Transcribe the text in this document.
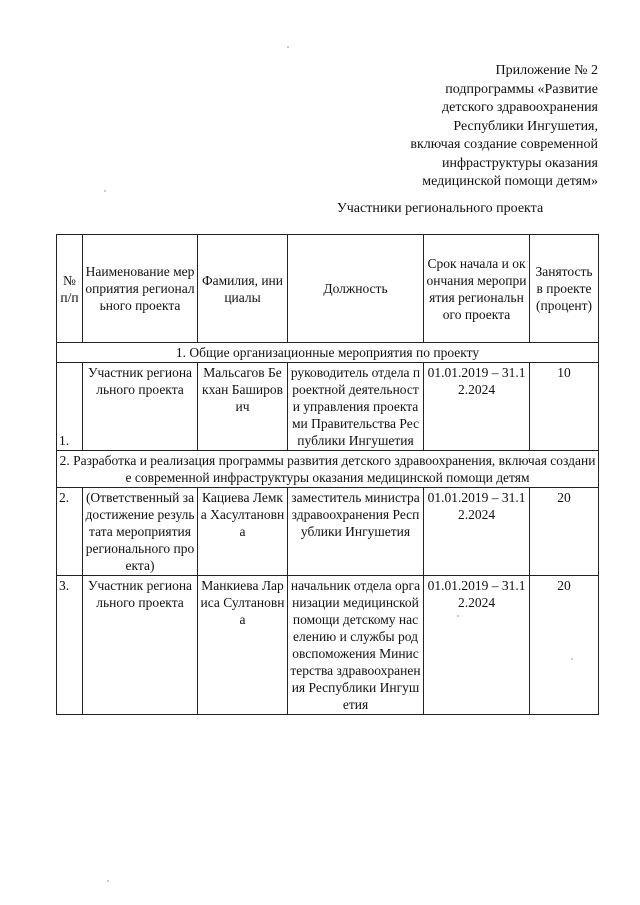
Приложение № 2
подпрограммы «Развитие
детского здравоохранения
Республики Ингушетия,
включая создание современной
инфраструктуры оказания
медицинской помощи детям»
Участники регионального проекта
№ п/п	Наименование мероприятия регионального проекта	Фамилия, инициалы	Должность	Срок начала и окончания мероприятия регионального проекта	Занятость в проекте (процент)
1. Общие организационные мероприятия по проекту					
1.	Участник регионального проекта	Мальсагов Бекхан Баширович	руководитель отдела проектной деятельности управления проектами Правительства Республики Ингушетия	01.01.2019 – 31.12.2024	10
2. Разработка и реализация программы развития детского здравоохранения, включая создание современной инфраструктуры оказания медицинской помощи детям					
2.	(Ответственный за достижение результата мероприятия регионального проекта)	Кациева Лемка Хасултановна	заместитель министра здравоохранения Республики Ингушетия	01.01.2019 – 31.12.2024	20
3.	Участник регионального проекта	Манкиева Лариса Султановна	начальник отдела организации медицинской помощи детскому населению и службы родовспоможения Министерства здравоохранения Республики Ингушетия	01.01.2019 – 31.12.2024	20
